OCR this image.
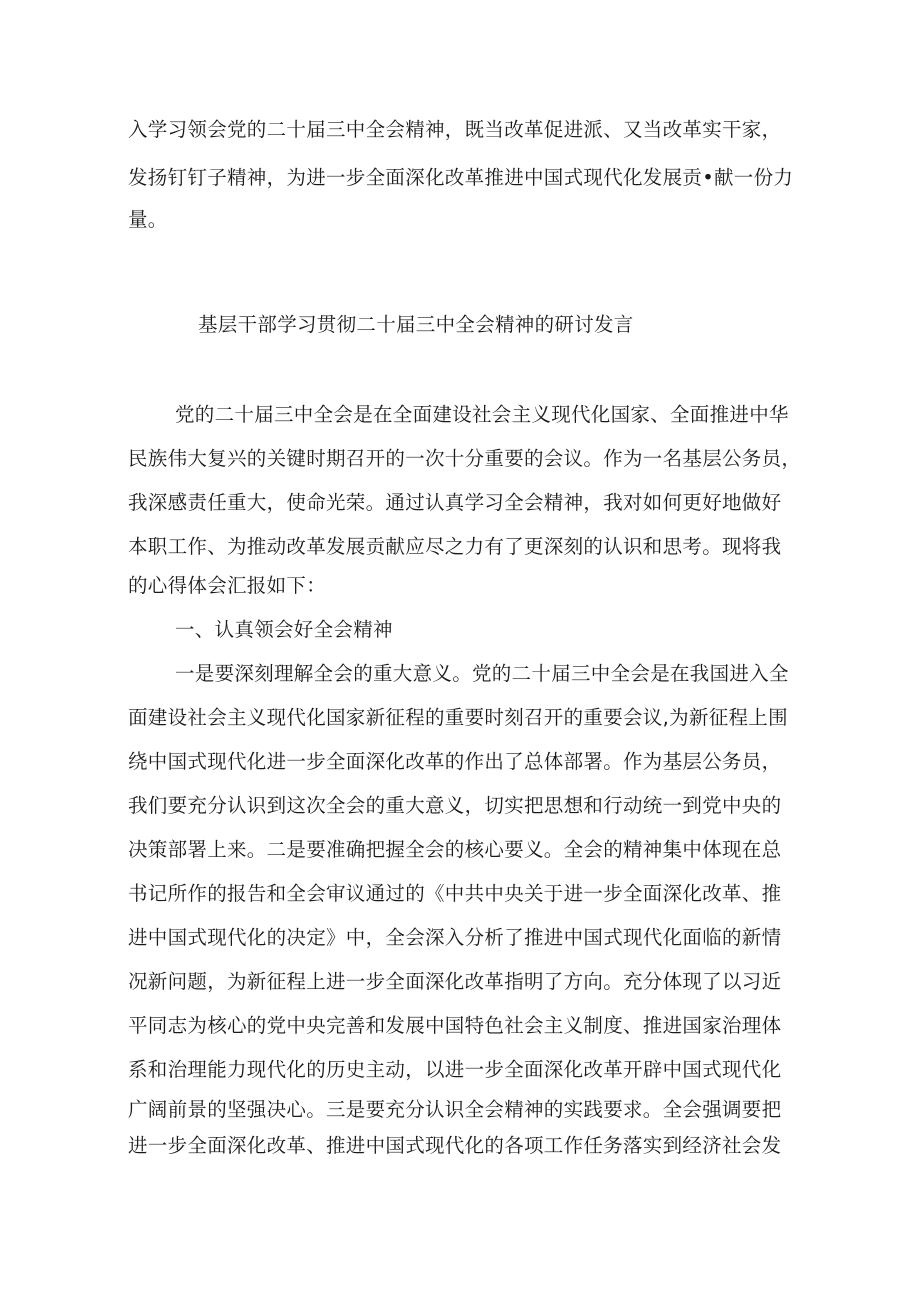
入学习领会党的二十届三中全会精神，既当改革促进派、又当改革实干家，
发扬钉钉子精神，为进一步全面深化改革推进中国式现代化发展贡•献一份力
量。
基层干部学习贯彻二十届三中全会精神的研讨发言
党的二十届三中全会是在全面建设社会主义现代化国家、全面推进中华
民族伟大复兴的关键时期召开的一次十分重要的会议。作为一名基层公务员，
我深感责任重大，使命光荣。通过认真学习全会精神，我对如何更好地做好
本职工作、为推动改革发展贡献应尽之力有了更深刻的认识和思考。现将我
的心得体会汇报如下：
一、认真领会好全会精神
一是要深刻理解全会的重大意义。党的二十届三中全会是在我国进入全
面建设社会主义现代化国家新征程的重要时刻召开的重要会议,为新征程上围
绕中国式现代化进一步全面深化改革的作出了总体部署。作为基层公务员，
我们要充分认识到这次全会的重大意义，切实把思想和行动统一到党中央的
决策部署上来。二是要准确把握全会的核心要义。全会的精神集中体现在总
书记所作的报告和全会审议通过的《中共中央关于进一步全面深化改革、推
进中国式现代化的决定》中，全会深入分析了推进中国式现代化面临的新情
况新问题，为新征程上进一步全面深化改革指明了方向。充分体现了以习近
平同志为核心的党中央完善和发展中国特色社会主义制度、推进国家治理体
系和治理能力现代化的历史主动，以进一步全面深化改革开辟中国式现代化
广阔前景的坚强决心。三是要充分认识全会精神的实践要求。全会强调要把
进一步全面深化改革、推进中国式现代化的各项工作任务落实到经济社会发
